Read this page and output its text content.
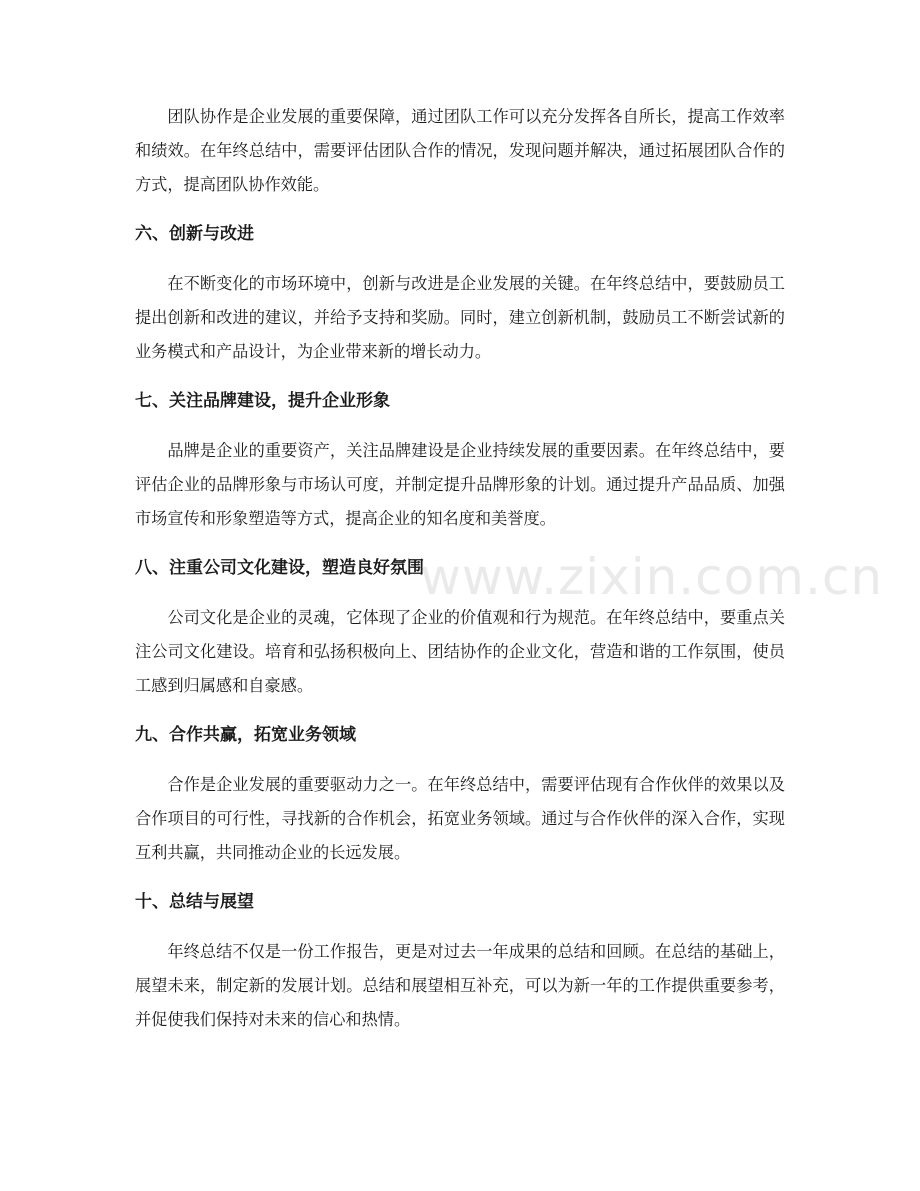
团队协作是企业发展的重要保障，通过团队工作可以充分发挥各自所长，提高工作效率和绩效。在年终总结中，需要评估团队合作的情况，发现问题并解决，通过拓展团队合作的方式，提高团队协作效能。

六、创新与改进

在不断变化的市场环境中，创新与改进是企业发展的关键。在年终总结中，要鼓励员工提出创新和改进的建议，并给予支持和奖励。同时，建立创新机制，鼓励员工不断尝试新的业务模式和产品设计，为企业带来新的增长动力。

七、关注品牌建设，提升企业形象

品牌是企业的重要资产，关注品牌建设是企业持续发展的重要因素。在年终总结中，要评估企业的品牌形象与市场认可度，并制定提升品牌形象的计划。通过提升产品品质、加强市场宣传和形象塑造等方式，提高企业的知名度和美誉度。

八、注重公司文化建设，塑造良好氛围

公司文化是企业的灵魂，它体现了企业的价值观和行为规范。在年终总结中，要重点关注公司文化建设。培育和弘扬积极向上、团结协作的企业文化，营造和谐的工作氛围，使员工感到归属感和自豪感。

九、合作共赢，拓宽业务领域

合作是企业发展的重要驱动力之一。在年终总结中，需要评估现有合作伙伴的效果以及合作项目的可行性，寻找新的合作机会，拓宽业务领域。通过与合作伙伴的深入合作，实现互利共赢，共同推动企业的长远发展。

十、总结与展望

年终总结不仅是一份工作报告，更是对过去一年成果的总结和回顾。在总结的基础上，展望未来，制定新的发展计划。总结和展望相互补充，可以为新一年的工作提供重要参考，并促使我们保持对未来的信心和热情。

www.zixin.com.cn
